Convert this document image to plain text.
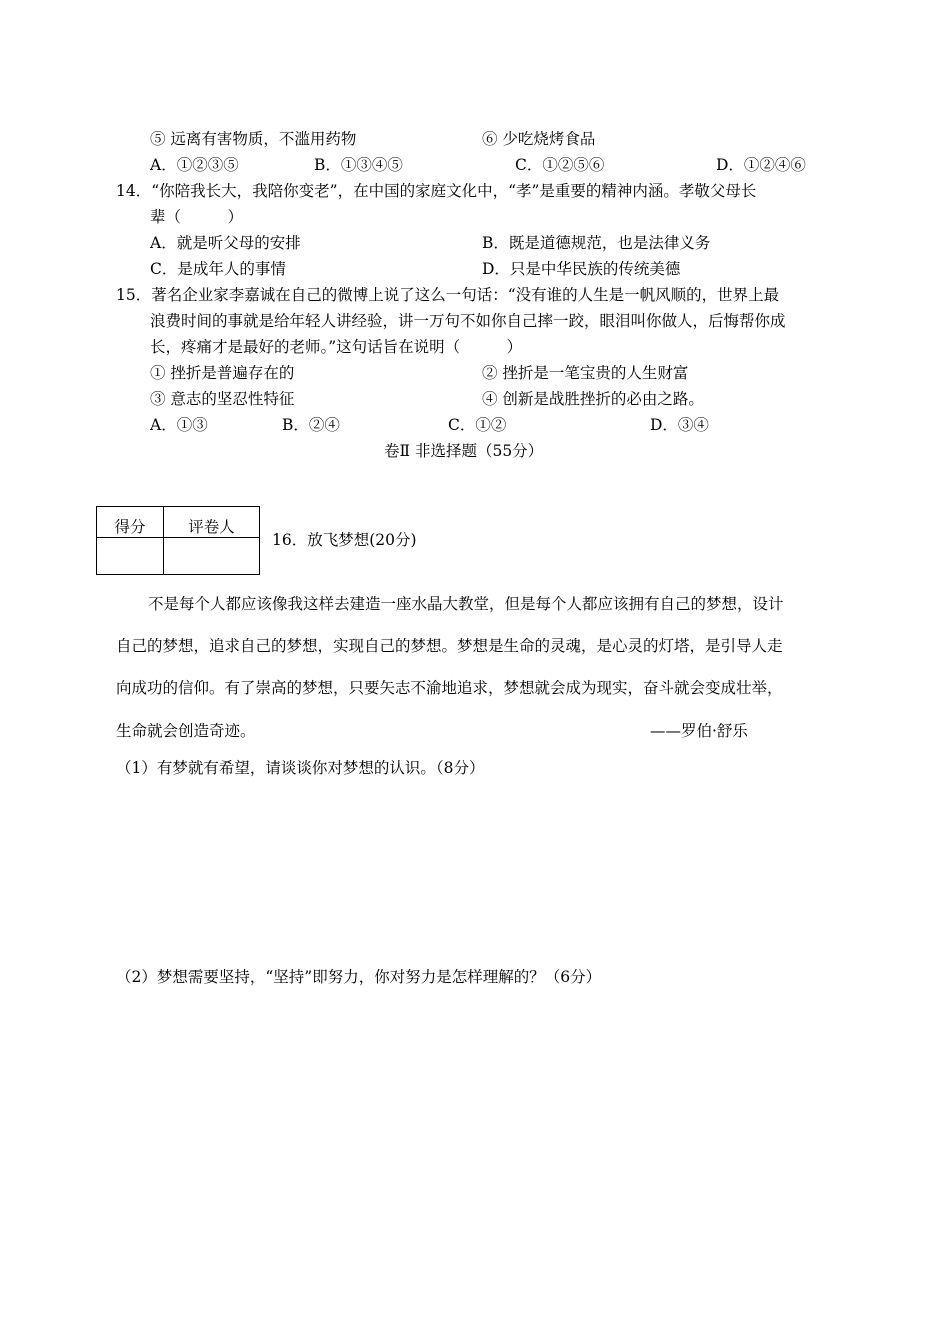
⑤ 远离有害物质，不滥用药物	⑥ 少吃烧烤食品
A．①②③⑤	B．①③④⑤	C．①②⑤⑥	D．①②④⑥
14．“你陪我长大，我陪你变老”，在中国的家庭文化中，“孝”是重要的精神内涵。孝敬父母长
辈（　　　）
A．就是听父母的安排	B．既是道德规范，也是法律义务
C．是成年人的事情	D．只是中华民族的传统美德
15．著名企业家李嘉诚在自己的微博上说了这么一句话：“没有谁的人生是一帆风顺的，世界上最
浪费时间的事就是给年轻人讲经验，讲一万句不如你自己摔一跤，眼泪叫你做人，后悔帮你成
长，疼痛才是最好的老师。”这句话旨在说明（　　　）
① 挫折是普遍存在的	② 挫折是一笔宝贵的人生财富
③ 意志的坚忍性特征	④ 创新是战胜挫折的必由之路。
A．①③	B．②④	C．①②	D．③④
卷Ⅱ 非选择题（55分）
得分	评卷人

16．放飞梦想(20分)
不是每个人都应该像我这样去建造一座水晶大教堂，但是每个人都应该拥有自己的梦想，设计
自己的梦想，追求自己的梦想，实现自己的梦想。梦想是生命的灵魂，是心灵的灯塔，是引导人走
向成功的信仰。有了崇高的梦想，只要矢志不渝地追求，梦想就会成为现实，奋斗就会变成壮举，
生命就会创造奇迹。	——罗伯·舒乐
（1）有梦就有希望，请谈谈你对梦想的认识。（8分）
（2）梦想需要坚持，“坚持”即努力，你对努力是怎样理解的？（6分）
